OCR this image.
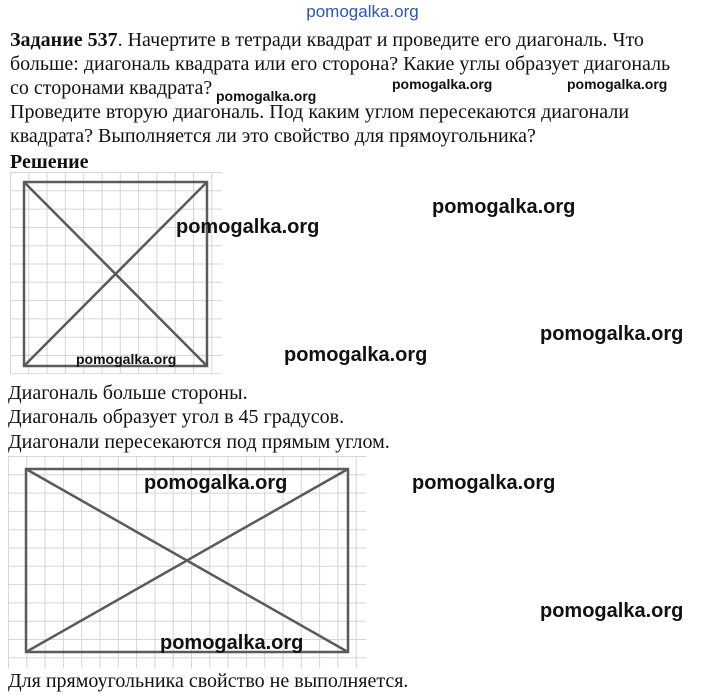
pomogalka.org
Задание 537. Начертите в тетради квадрат и проведите его диагональ. Что
больше: диагональ квадрата или его сторона? Какие углы образует диагональ
со сторонами квадрата?
Проведите вторую диагональ. Под каким углом пересекаются диагонали
квадрата? Выполняется ли это свойство для прямоугольника?
Решение
Диагональ больше стороны.
Диагональ образует угол в 45 градусов.
Диагонали пересекаются под прямым углом.
Для прямоугольника свойство не выполняется.
pomogalka.org
pomogalka.org	pomogalka.org
pomogalka.org
pomogalka.org
pomogalka.org
pomogalka.org
pomogalka.org
pomogalka.org	pomogalka.org
pomogalka.org
pomogalka.org
